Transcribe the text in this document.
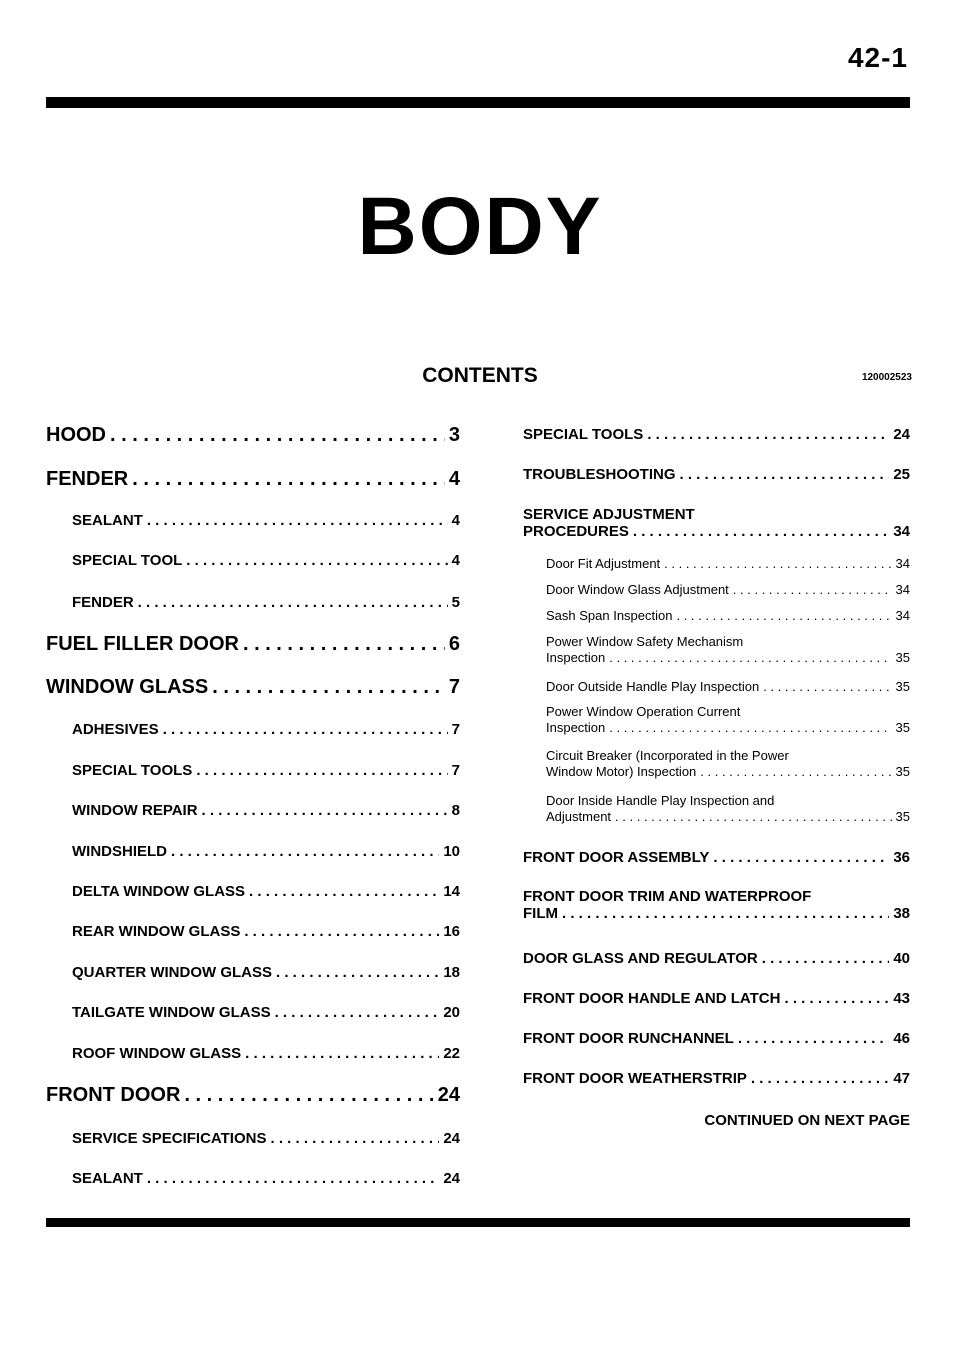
42-1
BODY
CONTENTS	120002523
HOOD . . .	3
FENDER . . .	4
SEALANT . . .	4
SPECIAL TOOL . . .	4
FENDER . . .	5
FUEL FILLER DOOR . . .	6
WINDOW GLASS . . .	7
ADHESIVES . . .	7
SPECIAL TOOLS . . .	7
WINDOW REPAIR . . .	8
WINDSHIELD . . .	10
DELTA WINDOW GLASS . . .	14
REAR WINDOW GLASS . . .	16
QUARTER WINDOW GLASS . . .	18
TAILGATE WINDOW GLASS . . .	20
ROOF WINDOW GLASS . . .	22
FRONT DOOR . . .	24
SERVICE SPECIFICATIONS . . .	24
SEALANT . . .	24
SPECIAL TOOLS . . .	24
TROUBLESHOOTING . . .	25
SERVICE ADJUSTMENT
PROCEDURES . . .	34
Door Fit Adjustment . . .	34
Door Window Glass Adjustment . . .	34
Sash Span Inspection . . .	34
Power Window Safety Mechanism
Inspection . . .	35
Door Outside Handle Play Inspection . . .	35
Power Window Operation Current
Inspection . . .	35
Circuit Breaker (Incorporated in the Power
Window Motor) Inspection . . .	35
Door Inside Handle Play Inspection and
Adjustment . . .	35
FRONT DOOR ASSEMBLY . . .	36
FRONT DOOR TRIM AND WATERPROOF
FILM . . .	38
DOOR GLASS AND REGULATOR . . .	40
FRONT DOOR HANDLE AND LATCH . . .	43
FRONT DOOR RUNCHANNEL . . .	46
FRONT DOOR WEATHERSTRIP . . .	47
CONTINUED ON NEXT PAGE
